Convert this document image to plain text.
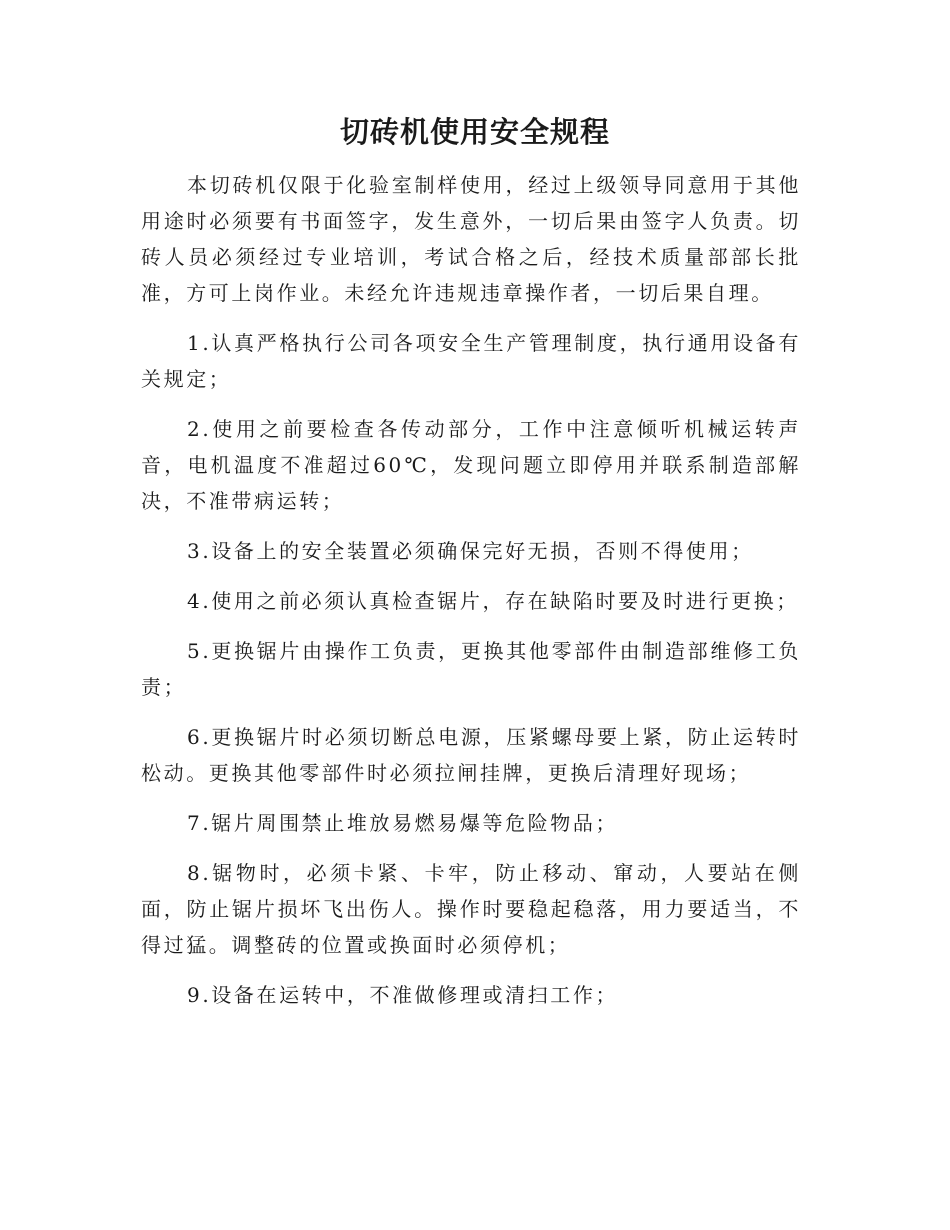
切砖机使用安全规程

本切砖机仅限于化验室制样使用，经过上级领导同意用于其他用途时必须要有书面签字，发生意外，一切后果由签字人负责。切砖人员必须经过专业培训，考试合格之后，经技术质量部部长批准，方可上岗作业。未经允许违规违章操作者，一切后果自理。

1.认真严格执行公司各项安全生产管理制度，执行通用设备有关规定；

2.使用之前要检查各传动部分，工作中注意倾听机械运转声音，电机温度不准超过60℃，发现问题立即停用并联系制造部解决，不准带病运转；

3.设备上的安全装置必须确保完好无损，否则不得使用；

4.使用之前必须认真检查锯片，存在缺陷时要及时进行更换；

5.更换锯片由操作工负责，更换其他零部件由制造部维修工负责；

6.更换锯片时必须切断总电源，压紧螺母要上紧，防止运转时松动。更换其他零部件时必须拉闸挂牌，更换后清理好现场；

7.锯片周围禁止堆放易燃易爆等危险物品；

8.锯物时，必须卡紧、卡牢，防止移动、窜动，人要站在侧面，防止锯片损坏飞出伤人。操作时要稳起稳落，用力要适当，不得过猛。调整砖的位置或换面时必须停机；

9.设备在运转中，不准做修理或清扫工作；
